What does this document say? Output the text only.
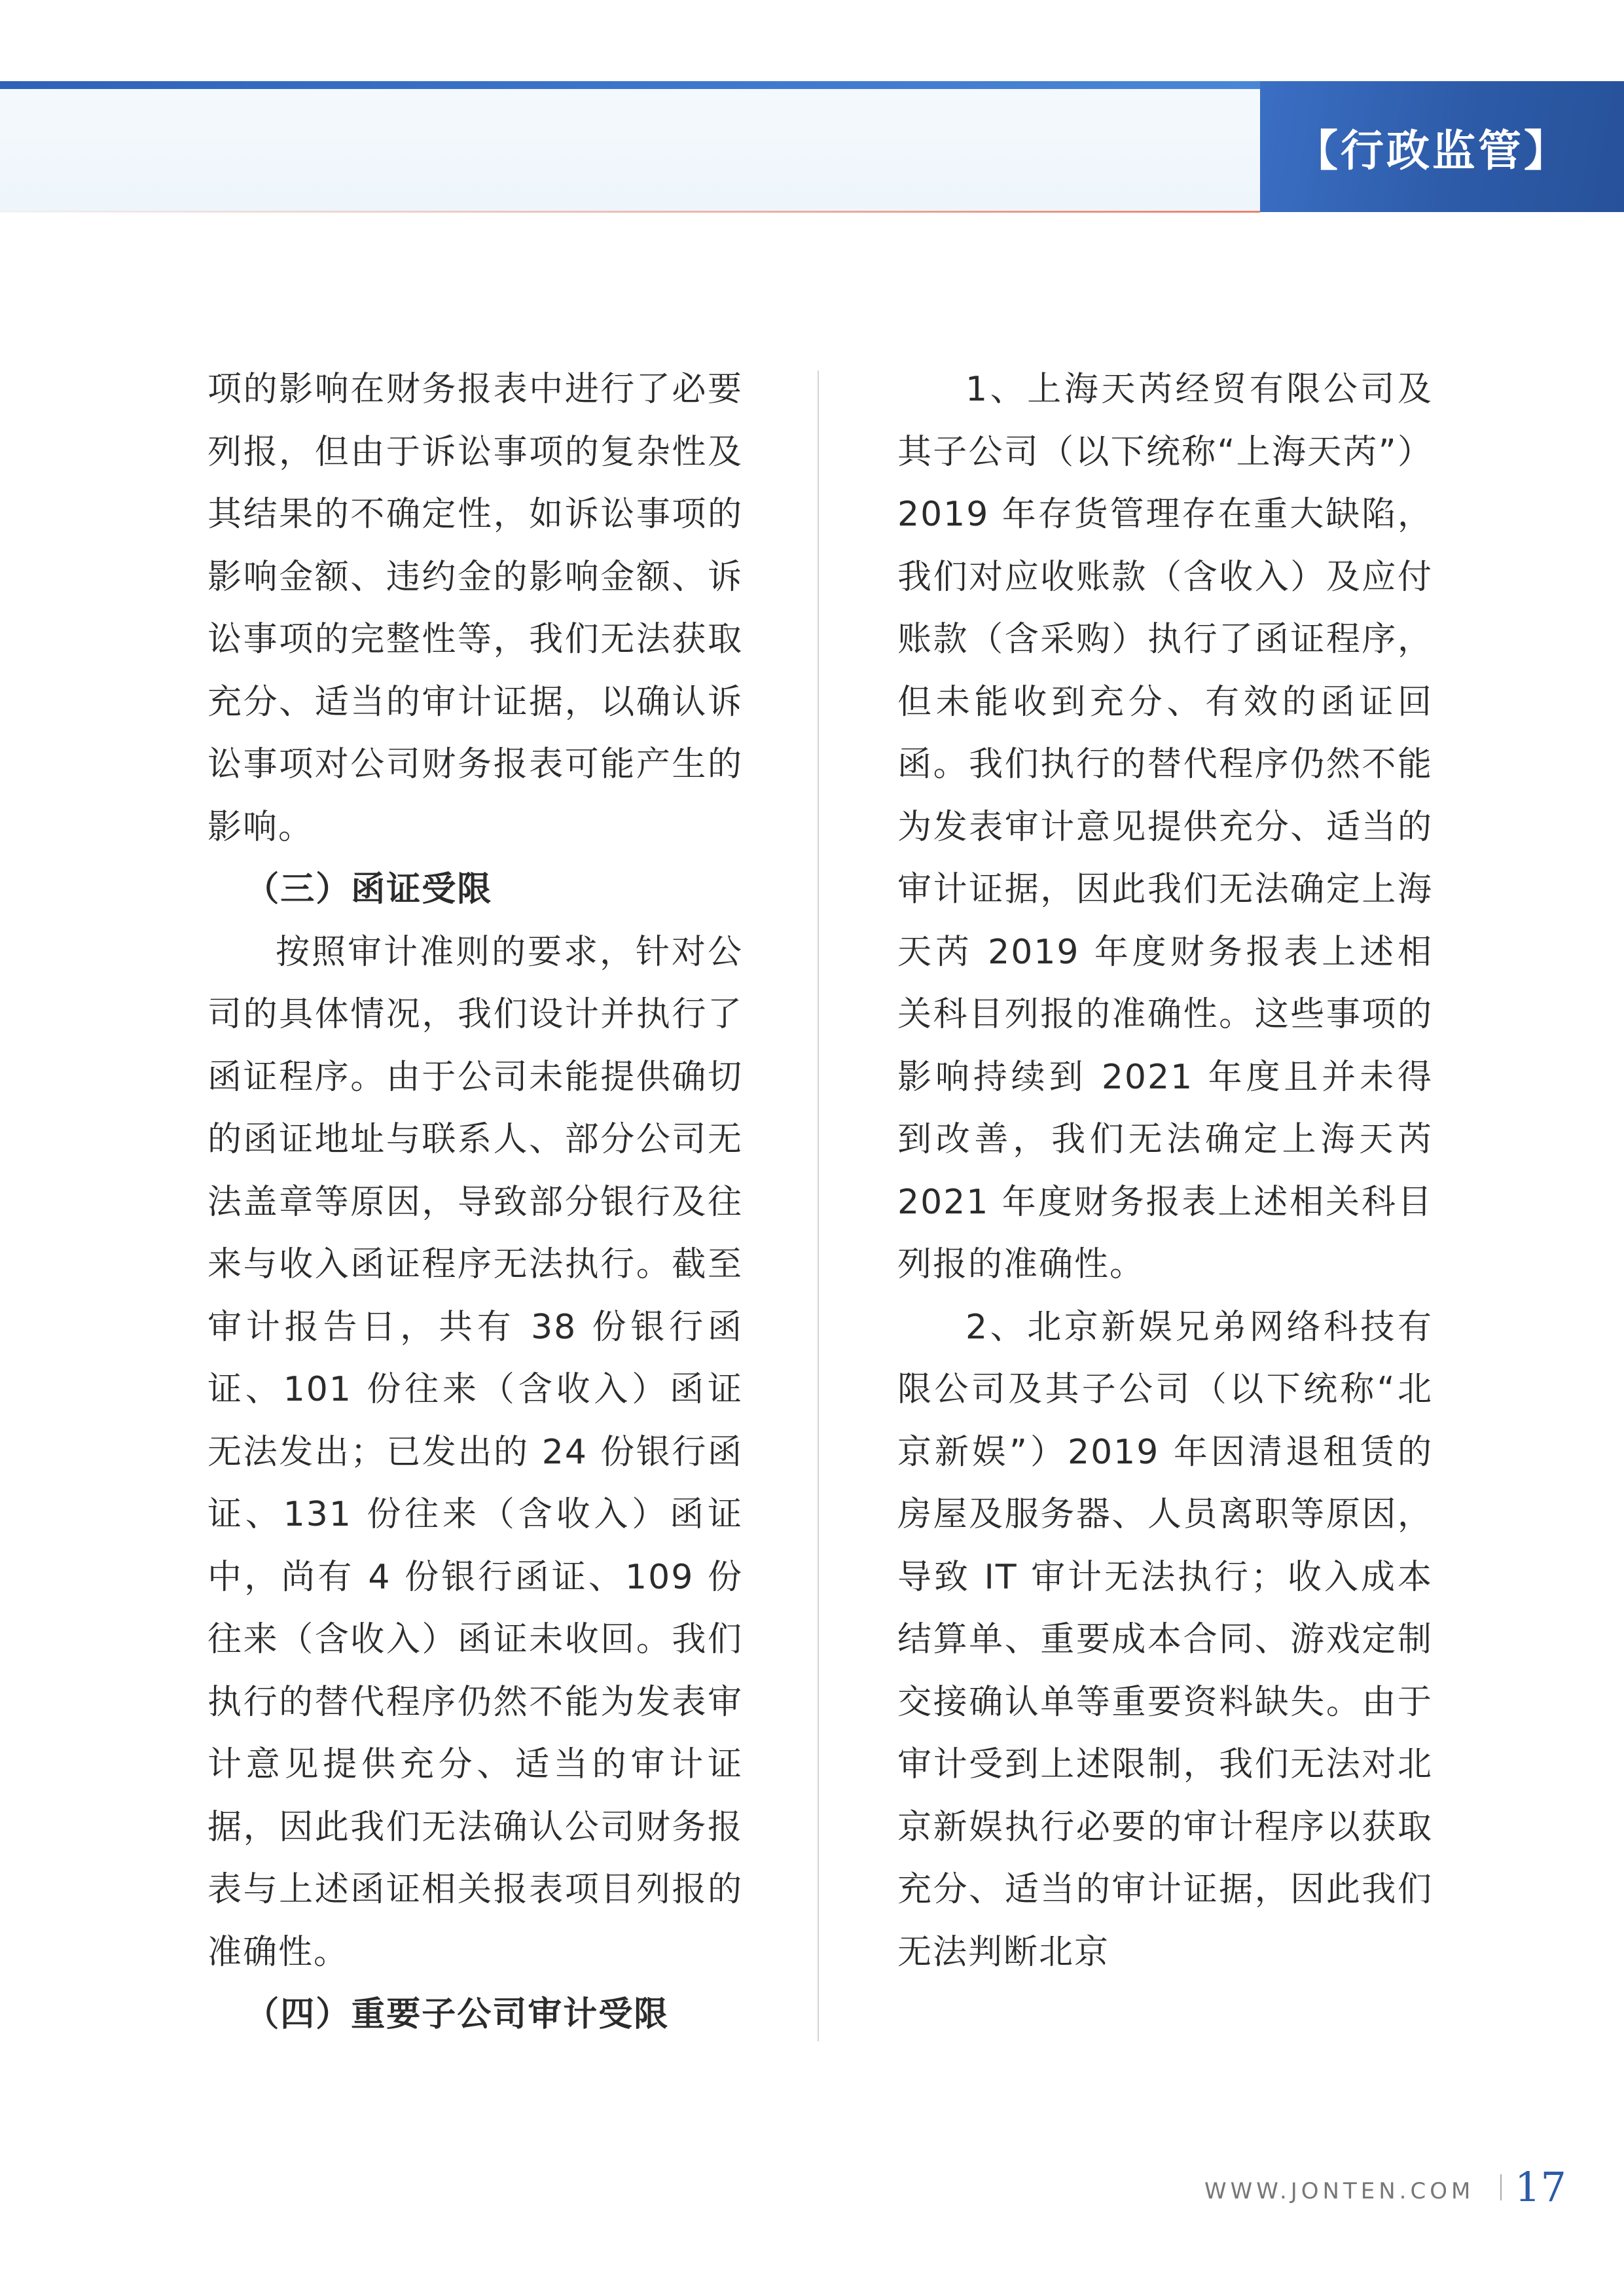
【行政监管】

项的影响在财务报表中进行了必要列报，但由于诉讼事项的复杂性及其结果的不确定性，如诉讼事项的影响金额、违约金的影响金额、诉讼事项的完整性等，我们无法获取充分、适当的审计证据，以确认诉讼事项对公司财务报表可能产生的影响。

（三）函证受限

按照审计准则的要求，针对公司的具体情况，我们设计并执行了函证程序。由于公司未能提供确切的函证地址与联系人、部分公司无法盖章等原因，导致部分银行及往来与收入函证程序无法执行。截至审计报告日，共有 38 份银行函证、101 份往来（含收入）函证无法发出；已发出的 24 份银行函证、131 份往来（含收入）函证中，尚有 4 份银行函证、109 份往来（含收入）函证未收回。我们执行的替代程序仍然不能为发表审计意见提供充分、适当的审计证据，因此我们无法确认公司财务报表与上述函证相关报表项目列报的准确性。

（四）重要子公司审计受限

1、上海天芮经贸有限公司及其子公司（以下统称“上海天芮”）2019 年存货管理存在重大缺陷，我们对应收账款（含收入）及应付账款（含采购）执行了函证程序，但未能收到充分、有效的函证回函。我们执行的替代程序仍然不能为发表审计意见提供充分、适当的审计证据，因此我们无法确定上海天芮 2019 年度财务报表上述相关科目列报的准确性。这些事项的影响持续到 2021 年度且并未得到改善，我们无法确定上海天芮 2021 年度财务报表上述相关科目列报的准确性。

2、北京新娱兄弟网络科技有限公司及其子公司（以下统称“北京新娱”）2019 年因清退租赁的房屋及服务器、人员离职等原因，导致 IT 审计无法执行；收入成本结算单、重要成本合同、游戏定制交接确认单等重要资料缺失。由于审计受到上述限制，我们无法对北京新娱执行必要的审计程序以获取充分、适当的审计证据，因此我们无法判断北京

WWW.JONTEN.COM 17
